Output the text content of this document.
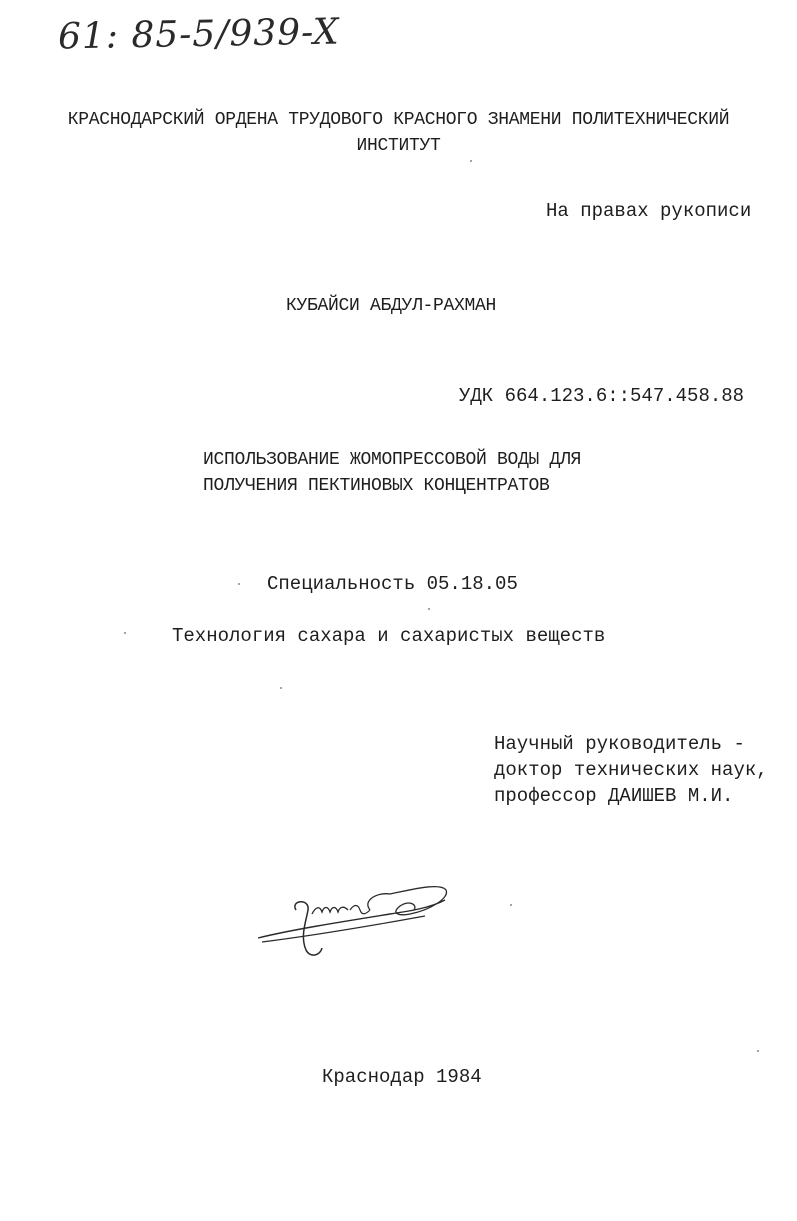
61: 85-5/939-X
КРАСНОДАРСКИЙ ОРДЕНА ТРУДОВОГО КРАСНОГО ЗНАМЕНИ ПОЛИТЕХНИЧЕСКИЙ
ИНСТИТУТ
На правах рукописи
КУБАЙСИ АБДУЛ-РАХМАН
УДК 664.123.6::547.458.88
ИСПОЛЬЗОВАНИЕ ЖОМОПРЕССОВОЙ ВОДЫ ДЛЯ
ПОЛУЧЕНИЯ ПЕКТИНОВЫХ КОНЦЕНТРАТОВ
Специальность 05.18.05
Технология сахара и сахаристых веществ
Научный руководитель -
доктор технических наук,
профессор ДАИШЕВ М.И.
Краснодар 1984
